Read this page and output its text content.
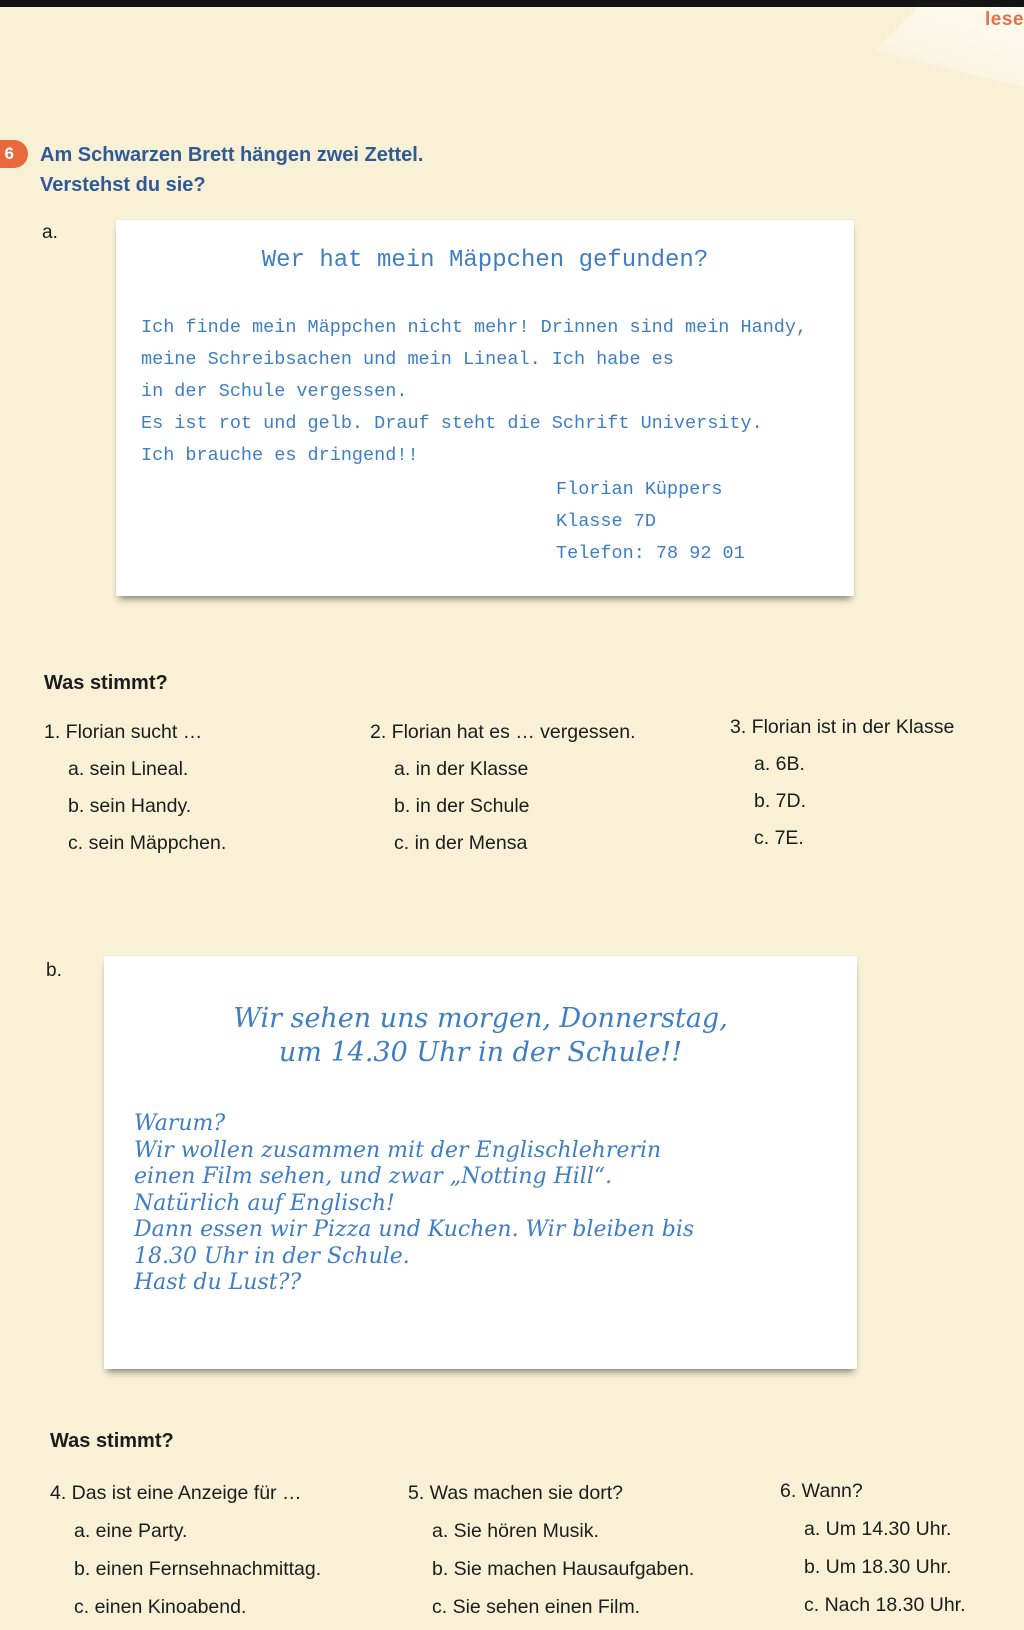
lese
6	Am Schwarzen Brett hängen zwei Zettel.
Verstehst du sie?
a.
Wer hat mein Mäppchen gefunden?
Ich finde mein Mäppchen nicht mehr! Drinnen sind mein Handy,
meine Schreibsachen und mein Lineal. Ich habe es
in der Schule vergessen.
Es ist rot und gelb. Drauf steht die Schrift University.
Ich brauche es dringend!!
Florian Küppers
Klasse 7D
Telefon: 78 92 01
Was stimmt?
1. Florian sucht …
a. sein Lineal.
b. sein Handy.
c. sein Mäppchen.
2. Florian hat es … vergessen.
a. in der Klasse
b. in der Schule
c. in der Mensa
3. Florian ist in der Klasse
a. 6B.
b. 7D.
c. 7E.
b.
Wir sehen uns morgen, Donnerstag,
um 14.30 Uhr in der Schule!!
Warum?
Wir wollen zusammen mit der Englischlehrerin
einen Film sehen, und zwar „Notting Hill“.
Natürlich auf Englisch!
Dann essen wir Pizza und Kuchen. Wir bleiben bis
18.30 Uhr in der Schule.
Hast du Lust??
Was stimmt?
4. Das ist eine Anzeige für …
a. eine Party.
b. einen Fernsehnachmittag.
c. einen Kinoabend.
5. Was machen sie dort?
a. Sie hören Musik.
b. Sie machen Hausaufgaben.
c. Sie sehen einen Film.
6. Wann?
a. Um 14.30 Uhr.
b. Um 18.30 Uhr.
c. Nach 18.30 Uhr.
